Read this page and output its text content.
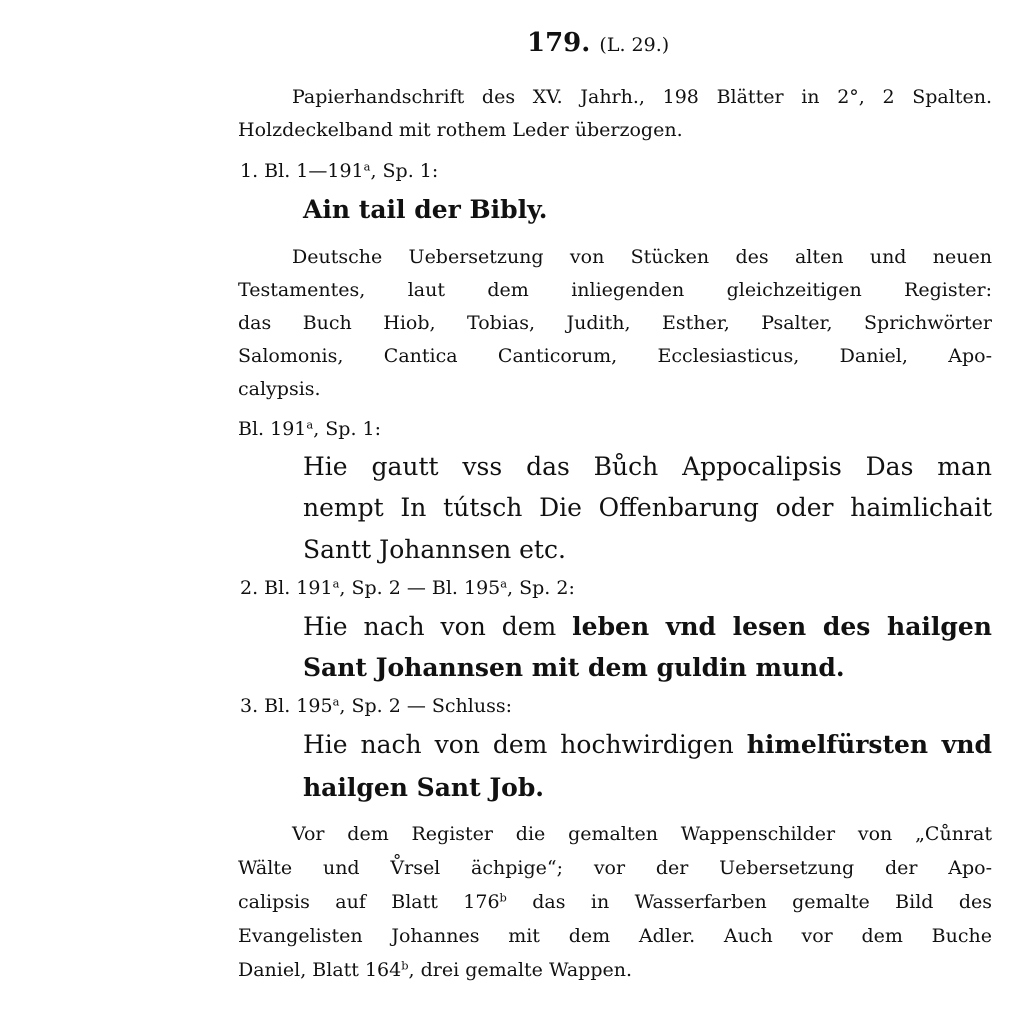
179. (L. 29.)
Papierhandschrift des XV. Jahrh., 198 Blätter in 2°, 2 Spalten.
Holzdeckelband mit rothem Leder überzogen.
1. Bl. 1—191$^a$, Sp. 1:
Ain tail der Bibly.
Deutsche Uebersetzung von Stücken des alten und neuen
Testamentes, laut dem inliegenden gleichzeitigen Register:
das Buch Hiob, Tobias, Judith, Esther, Psalter, Sprichwörter
Salomonis, Cantica Canticorum, Ecclesiasticus, Daniel, Apo-
calypsis.
Bl. 191$^a$, Sp. 1:
Hie gautt vss das Bůch Appocalipsis Das man
nempt In tútsch Die Offenbarung oder haimlichait
Santt Johannsen etc.
2. Bl. 191$^a$, Sp. 2 — Bl. 195$^a$, Sp. 2:
Hie nach von dem leben vnd lesen des hailgen
Sant Johannsen mit dem guldin mund.
3. Bl. 195$^a$, Sp. 2 — Schluss:
Hie nach von dem hochwirdigen himelfürsten vnd
hailgen Sant Job.
Vor dem Register die gemalten Wappenschilder von „Cůnrat
Wälte und V̊rsel ächpige“; vor der Uebersetzung der Apo-
calipsis auf Blatt 176$^b$ das in Wasserfarben gemalte Bild des
Evangelisten Johannes mit dem Adler. Auch vor dem Buche
Daniel, Blatt 164$^b$, drei gemalte Wappen.
